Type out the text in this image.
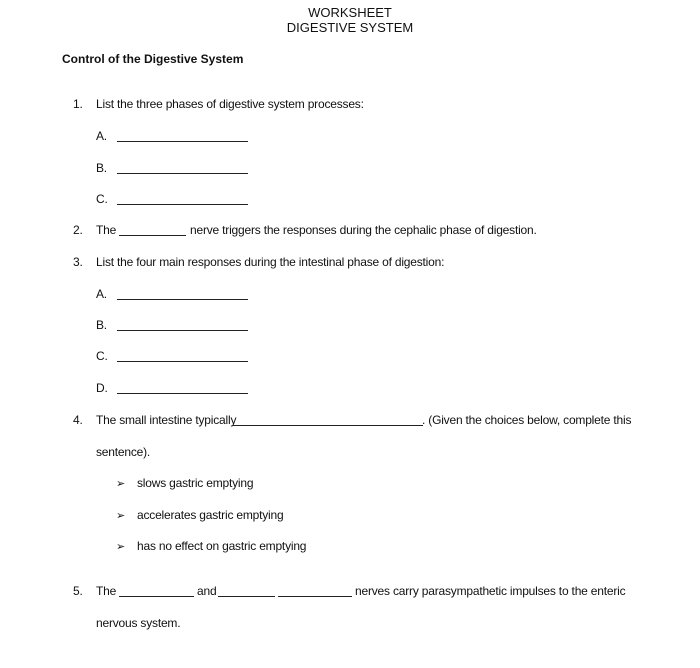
WORKSHEET
DIGESTIVE SYSTEM
Control of the Digestive System
1. List the three phases of digestive system processes:
A.
B.
C.
2. The	nerve triggers the responses during the cephalic phase of digestion.
3. List the four main responses during the intestinal phase of digestion:
A.
B.
C.
D.
4. The small intestine typically	. (Given the choices below, complete this
sentence).
➢ slows gastric emptying
➢ accelerates gastric emptying
➢ has no effect on gastric emptying
5. The	and	nerves carry parasympathetic impulses to the enteric
nervous system.
